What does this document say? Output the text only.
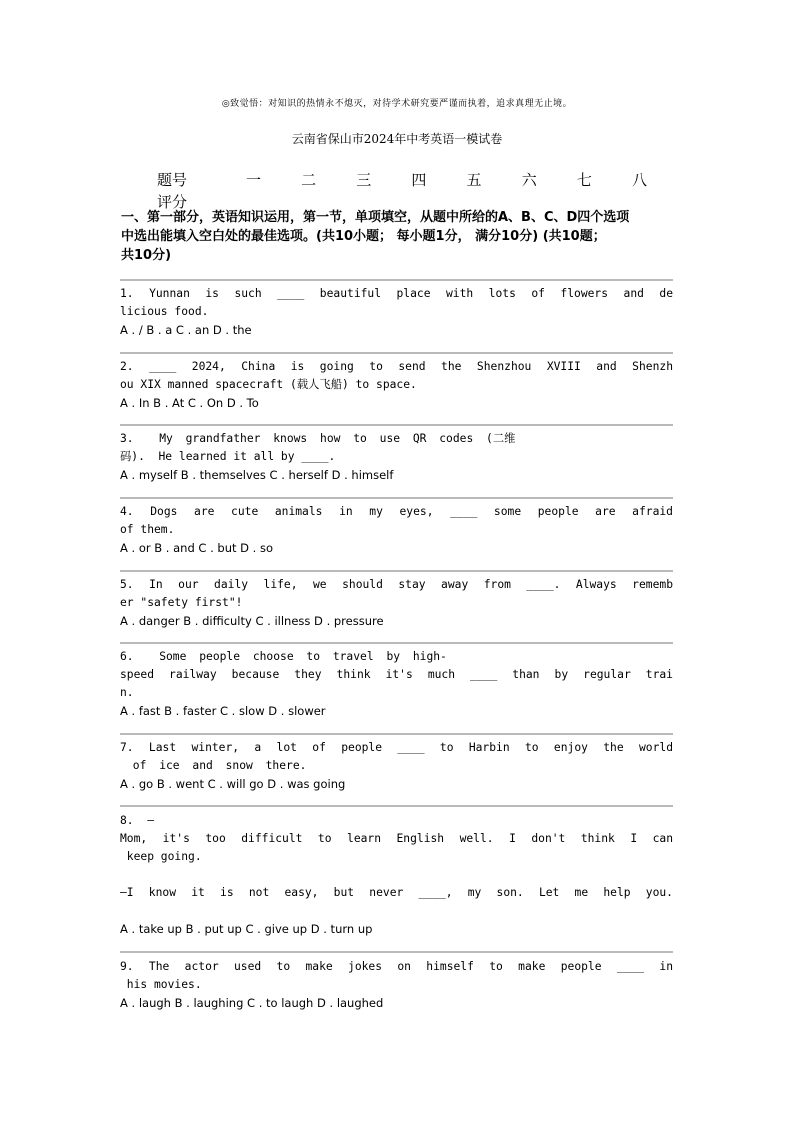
◎致觉悟：对知识的热情永不熄灭，对待学术研究要严谨而执着，追求真理无止境。
云南省保山市2024年中考英语一模试卷
题号	一	二	三	四	五	六	七	八
评分
一、第一部分，英语知识运用，第一节，单项填空，从题中所给的A、B、C、D四个选项
中选出能填入空白处的最佳选项。(共10小题； 每小题1分， 满分10分) (共10题；
共10分)
1. Yunnan is such ____ beautiful place with lots of flowers and de
licious food.
A . / B . a C . an D . the
2. ____ 2024, China is going to send the Shenzhou XVIII and Shenzh
ou XIX manned spacecraft (载人飞船) to space.
A . In B . At C . On D . To
3.  My grandfather knows how to use QR codes (二维
码).  He learned it all by ____.
A . myself B . themselves C . herself D . himself
4. Dogs are cute animals in my eyes, ____ some people are afraid
of them.
A . or B . and C . but D . so
5. In our daily life, we should stay away from ____. Always rememb
er "safety first"!
A . danger B . difficulty C . illness D . pressure
6.  Some people choose to travel by high-
speed railway because they think it's much ____ than by regular trai
n.
A . fast B . faster C . slow D . slower
7. Last winter, a lot of people ____ to Harbin to enjoy the world
of ice and snow there.
A . go B . went C . will go D . was going
8.  —
Mom, it's too difficult to learn English well. I don't think I can
keep going.
—I know it is not easy, but never ____, my son. Let me help you.
A . take up B . put up C . give up D . turn up
9. The actor used to make jokes on himself to make people ____ in
his movies.
A . laugh B . laughing C . to laugh D . laughed
